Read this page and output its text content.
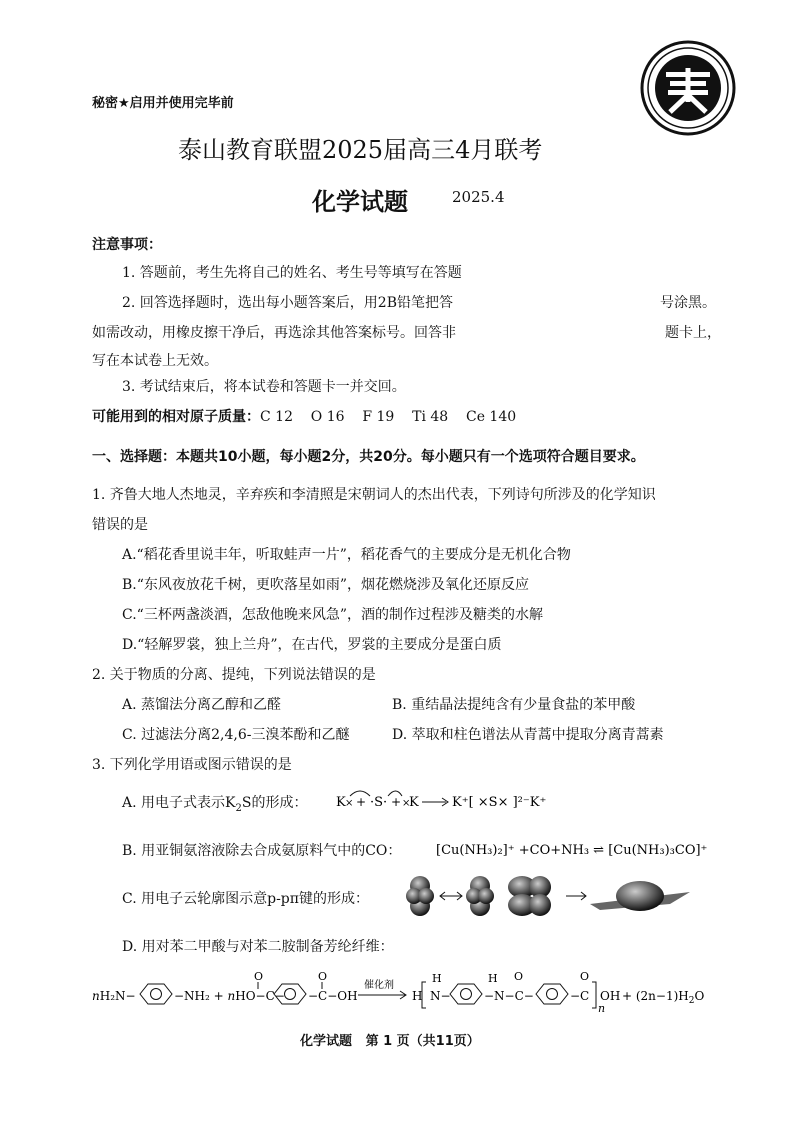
秘密★启用并使用完毕前
泰山教育联盟2025届高三4月联考
化学试题	2025.4
注意事项：
1. 答题前，考生先将自己的姓名、考生号等填写在答题
2. 回答选择题时，选出每小题答案后，用2B铅笔把答	号涂黑。
如需改动，用橡皮擦干净后，再选涂其他答案标号。回答非	题卡上，
写在本试卷上无效。
3. 考试结束后，将本试卷和答题卡一并交回。
可能用到的相对原子质量：C 12    O 16    F 19    Ti 48    Ce 140
一、选择题：本题共10小题，每小题2分，共20分。每小题只有一个选项符合题目要求。
1. 齐鲁大地人杰地灵，辛弃疾和李清照是宋朝词人的杰出代表，下列诗句所涉及的化学知识
错误的是
A.“稻花香里说丰年，听取蛙声一片”，稻花香气的主要成分是无机化合物
B.“东风夜放花千树，更吹落星如雨”，烟花燃烧涉及氧化还原反应
C.“三杯两盏淡酒，怎敌他晚来风急”，酒的制作过程涉及糖类的水解
D.“轻解罗裳，独上兰舟”，在古代，罗裳的主要成分是蛋白质
2. 关于物质的分离、提纯，下列说法错误的是
A. 蒸馏法分离乙醇和乙醛	B. 重结晶法提纯含有少量食盐的苯甲酸
C. 过滤法分离2,4,6-三溴苯酚和乙醚	D. 萃取和柱色谱法从青蒿中提取分离青蒿素
3. 下列化学用语或图示错误的是
A. 用电子式表示$K_2S$的形成： K × + ·S· + ×
K	K⁺[ ×S× ]²⁻K⁺
B. 用亚铜氨溶液除去合成氨原料气中的CO：	[Cu(NH₃)₂]⁺ +CO+NH₃ ⇌ [Cu(NH₃)₃CO]⁺
C. 用电子云轮廓图示意p-pπ键的形成：
D. 用对苯二甲酸与对苯二胺制备芳纶纤维：
nH₂N−	−NH₂ + nHO−C−
O
−C−OH
O
催化剂
H N−
H
−N−C−
H O
−C
O
n
OH + $(2n-1)H_2O$
化学试题   第 1 页（共11页）
